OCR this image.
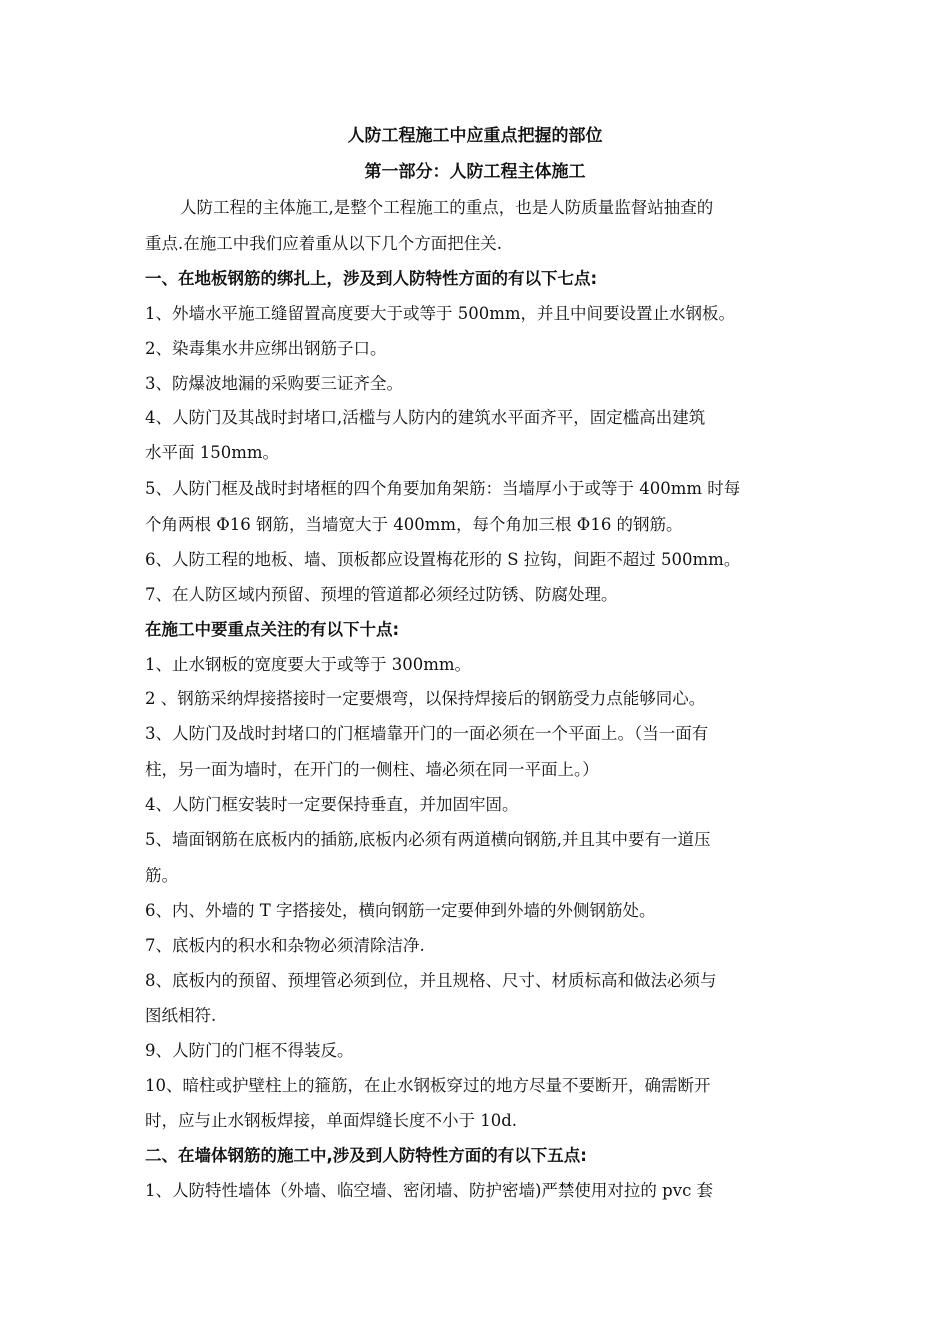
人防工程施工中应重点把握的部位
第一部分：人防工程主体施工
人防工程的主体施工,是整个工程施工的重点，也是人防质量监督站抽查的
重点.在施工中我们应着重从以下几个方面把住关.
一、在地板钢筋的绑扎上，涉及到人防特性方面的有以下七点:
1、外墙水平施工缝留置高度要大于或等于 500mm，并且中间要设置止水钢板。
2、染毒集水井应绑出钢筋子口。
3、防爆波地漏的采购要三证齐全。
4、人防门及其战时封堵口,活槛与人防内的建筑水平面齐平，固定槛高出建筑
水平面 150mm。
5、人防门框及战时封堵框的四个角要加角架筋：当墙厚小于或等于 400mm 时每
个角两根 Φ16 钢筋，当墙宽大于 400mm，每个角加三根 Φ16 的钢筋。
6、人防工程的地板、墙、顶板都应设置梅花形的 S 拉钩，间距不超过 500mm。
7、在人防区域内预留、预埋的管道都必须经过防锈、防腐处理。
在施工中要重点关注的有以下十点:
1、止水钢板的宽度要大于或等于 300mm。
2 、钢筋采纳焊接搭接时一定要煨弯，以保持焊接后的钢筋受力点能够同心。
3、人防门及战时封堵口的门框墙靠开门的一面必须在一个平面上。（当一面有
柱，另一面为墙时，在开门的一侧柱、墙必须在同一平面上。）
4、人防门框安装时一定要保持垂直，并加固牢固。
5、墙面钢筋在底板内的插筋,底板内必须有两道横向钢筋,并且其中要有一道压
筋。
6、内、外墙的 T 字搭接处，横向钢筋一定要伸到外墙的外侧钢筋处。
7、底板内的积水和杂物必须清除洁净.
8、底板内的预留、预埋管必须到位，并且规格、尺寸、材质标高和做法必须与
图纸相符.
9、人防门的门框不得装反。
10、暗柱或护壁柱上的箍筋，在止水钢板穿过的地方尽量不要断开，确需断开
时，应与止水钢板焊接，单面焊缝长度不小于 10d.
二、在墙体钢筋的施工中,涉及到人防特性方面的有以下五点:
1、人防特性墙体（外墙、临空墙、密闭墙、防护密墙)严禁使用对拉的 pvc 套
